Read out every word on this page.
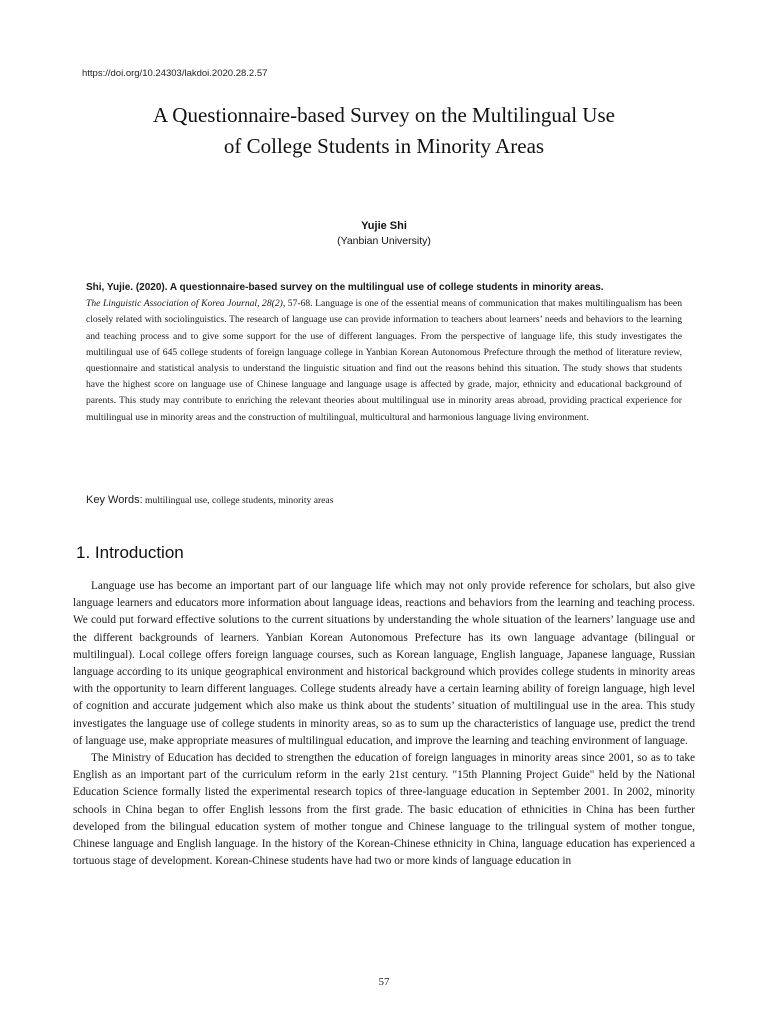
https://doi.org/10.24303/lakdoi.2020.28.2.57
A Questionnaire-based Survey on the Multilingual Use
of College Students in Minority Areas
Yujie Shi
(Yanbian University)
Shi, Yujie. (2020). A questionnaire-based survey on the multilingual use of college students in minority areas.
The Linguistic Association of Korea Journal, 28(2), 57-68. Language is one of the essential means of communication that makes multilingualism has been closely related with sociolinguistics. The research of language use can provide information to teachers about learners’ needs and behaviors to the learning and teaching process and to give some support for the use of different languages. From the perspective of language life, this study investigates the multilingual use of 645 college students of foreign language college in Yanbian Korean Autonomous Prefecture through the method of literature review, questionnaire and statistical analysis to understand the linguistic situation and find out the reasons behind this situation. The study shows that students have the highest score on language use of Chinese language and language usage is affected by grade, major, ethnicity and educational background of parents. This study may contribute to enriching the relevant theories about multilingual use in minority areas abroad, providing practical experience for multilingual use in minority areas and the construction of multilingual, multicultural and harmonious language living environment.
Key Words: multilingual use, college students, minority areas
1. Introduction

Language use has become an important part of our language life which may not only provide reference for scholars, but also give language learners and educators more information about language ideas, reactions and behaviors from the learning and teaching process. We could put forward effective solutions to the current situations by understanding the whole situation of the learners’ language use and the different backgrounds of learners. Yanbian Korean Autonomous Prefecture has its own language advantage (bilingual or multilingual). Local college offers foreign language courses, such as Korean language, English language, Japanese language, Russian language according to its unique geographical environment and historical background which provides college students in minority areas with the opportunity to learn different languages. College students already have a certain learning ability of foreign language, high level of cognition and accurate judgement which also make us think about the students’ situation of multilingual use in the area. This study investigates the language use of college students in minority areas, so as to sum up the characteristics of language use, predict the trend of language use, make appropriate measures of multilingual education, and improve the learning and teaching environment of language.

The Ministry of Education has decided to strengthen the education of foreign languages in minority areas since 2001, so as to take English as an important part of the curriculum reform in the early 21st century. "15th Planning Project Guide" held by the National Education Science formally listed the experimental research topics of three-language education in September 2001. In 2002, minority schools in China began to offer English lessons from the first grade. The basic education of ethnicities in China has been further developed from the bilingual education system of mother tongue and Chinese language to the trilingual system of mother tongue, Chinese language and English language. In the history of the Korean-Chinese ethnicity in China, language education has experienced a tortuous stage of development. Korean-Chinese students have had two or more kinds of language education in

57
